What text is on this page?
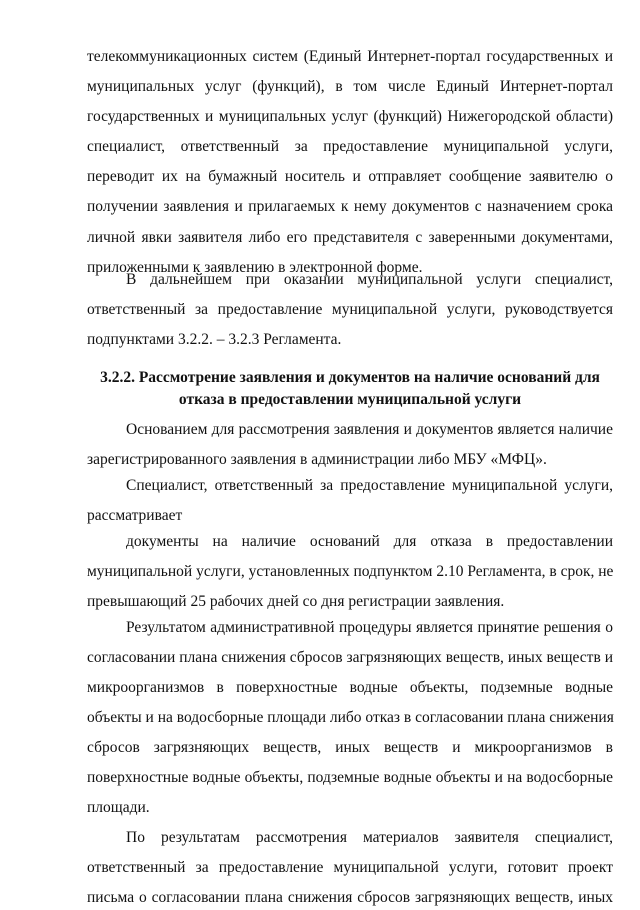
телекоммуникационных систем (Единый Интернет-портал государственных и
муниципальных услуг (функций), в том числе Единый Интернет-портал
государственных и муниципальных услуг (функций) Нижегородской области)
специалист, ответственный за предоставление муниципальной услуги,
переводит их на бумажный носитель и отправляет сообщение заявителю о
получении заявления и прилагаемых к нему документов с назначением срока
личной явки заявителя либо его представителя с заверенными документами,
приложенными к заявлению в электронной форме.
В дальнейшем при оказании муниципальной услуги специалист,
ответственный за предоставление муниципальной услуги, руководствуется
подпунктами 3.2.2. – 3.2.3 Регламента.
3.2.2. Рассмотрение заявления и документов на наличие оснований для
отказа в предоставлении муниципальной услуги
Основанием для рассмотрения заявления и документов является наличие
зарегистрированного заявления в администрации либо МБУ «МФЦ».
Специалист, ответственный за предоставление муниципальной услуги,
рассматривает
документы на наличие оснований для отказа в предоставлении
муниципальной услуги, установленных подпунктом 2.10 Регламента, в срок, не
превышающий 25 рабочих дней со дня регистрации заявления.
Результатом административной процедуры является принятие решения о
согласовании плана снижения сбросов загрязняющих веществ, иных веществ и
микроорганизмов в поверхностные водные объекты, подземные водные
объекты и на водосборные площади либо отказ в согласовании плана снижения
сбросов загрязняющих веществ, иных веществ и микроорганизмов в
поверхностные водные объекты, подземные водные объекты и на водосборные
площади.
По результатам рассмотрения материалов заявителя специалист,
ответственный за предоставление муниципальной услуги, готовит проект
письма о согласовании плана снижения сбросов загрязняющих веществ, иных
